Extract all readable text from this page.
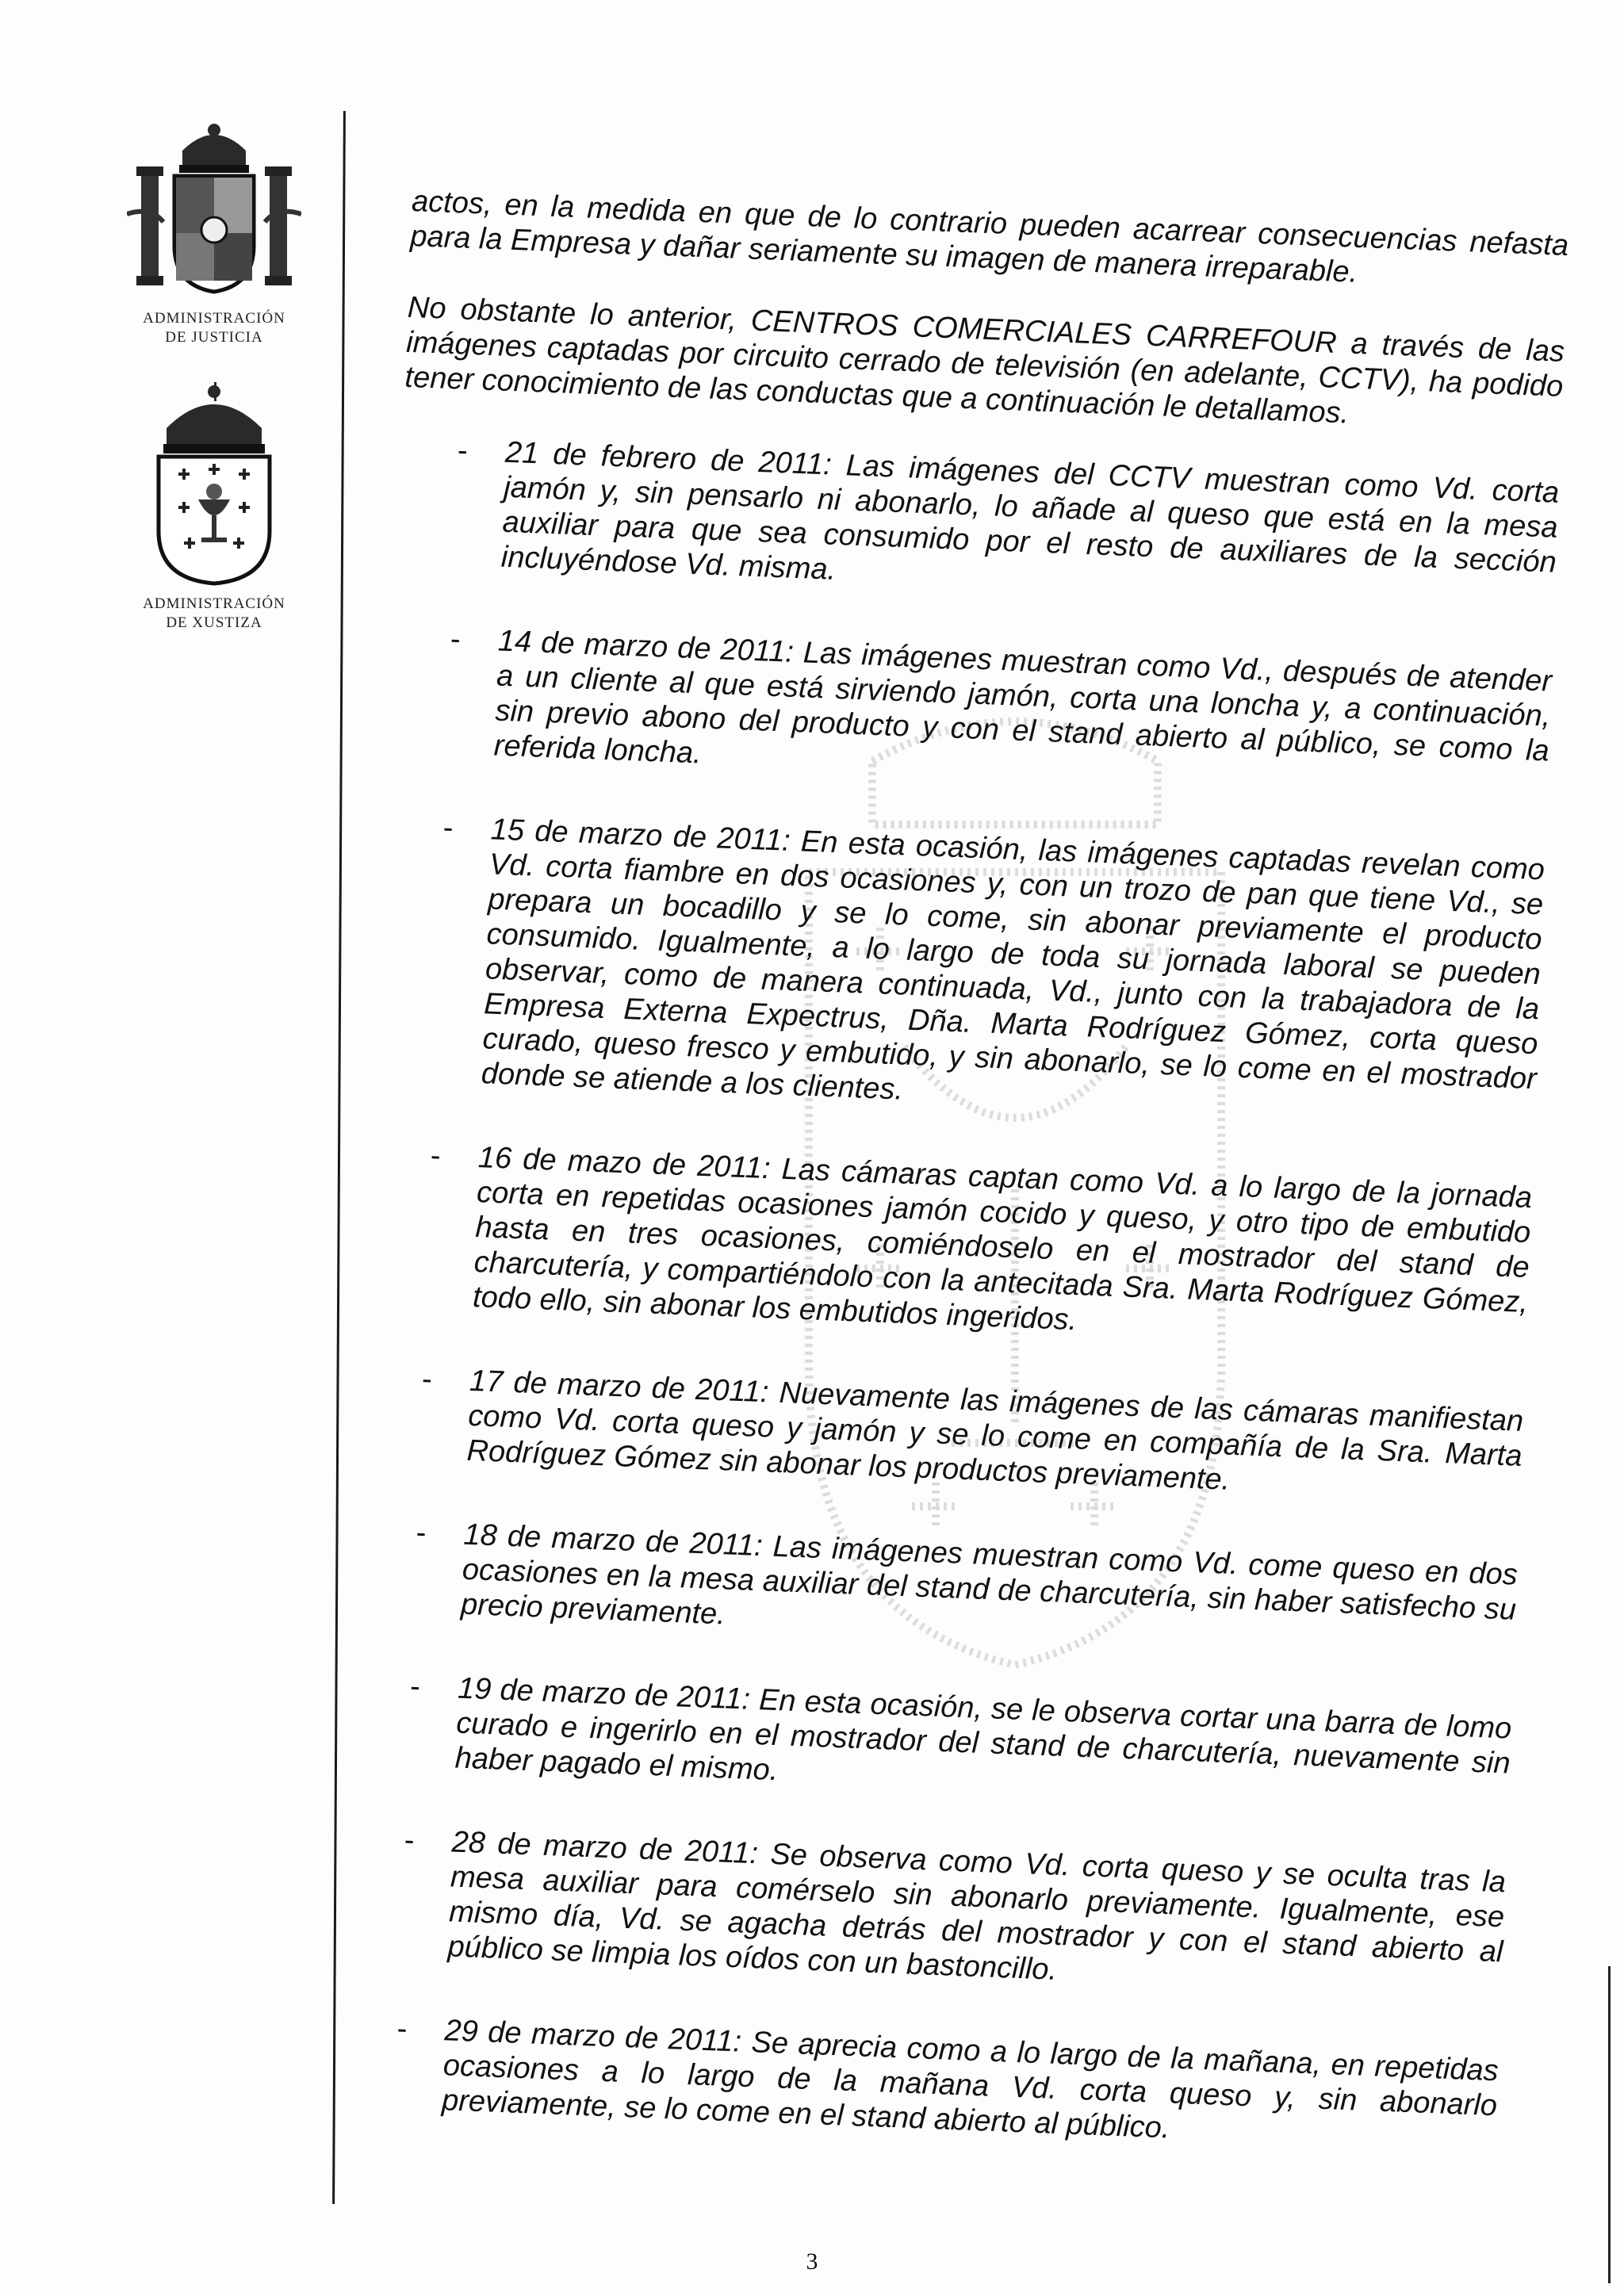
ADMINISTRACIÓN
DE JUSTICIA
ADMINISTRACIÓN
DE XUSTIZA

actos, en la medida en que de lo contrario pueden acarrear consecuencias nefasta para la Empresa y dañar seriamente su imagen de manera irreparable.

No obstante lo anterior, CENTROS COMERCIALES CARREFOUR a través de las imágenes captadas por circuito cerrado de televisión (en adelante, CCTV), ha podido tener conocimiento de las conductas que a continuación le detallamos.

- 21 de febrero de 2011: Las imágenes del CCTV muestran como Vd. corta jamón y, sin pensarlo ni abonarlo, lo añade al queso que está en la mesa auxiliar para que sea consumido por el resto de auxiliares de la sección incluyéndose Vd. misma.
- 14 de marzo de 2011: Las imágenes muestran como Vd., después de atender a un cliente al que está sirviendo jamón, corta una loncha y, a continuación, sin previo abono del producto y con el stand abierto al público, se como la referida loncha.
- 15 de marzo de 2011: En esta ocasión, las imágenes captadas revelan como Vd. corta fiambre en dos ocasiones y, con un trozo de pan que tiene Vd., se prepara un bocadillo y se lo come, sin abonar previamente el producto consumido. Igualmente, a lo largo de toda su jornada laboral se pueden observar, como de manera continuada, Vd., junto con la trabajadora de la Empresa Externa Expectrus, Dña. Marta Rodríguez Gómez, corta queso curado, queso fresco y embutido, y sin abonarlo, se lo come en el mostrador donde se atiende a los clientes.
- 16 de mazo de 2011: Las cámaras captan como Vd. a lo largo de la jornada corta en repetidas ocasiones jamón cocido y queso, y otro tipo de embutido hasta en tres ocasiones, comiéndoselo en el mostrador del stand de charcutería, y compartiéndolo con la antecitada Sra. Marta Rodríguez Gómez, todo ello, sin abonar los embutidos ingeridos.
- 17 de marzo de 2011: Nuevamente las imágenes de las cámaras manifiestan como Vd. corta queso y jamón y se lo come en compañía de la Sra. Marta Rodríguez Gómez sin abonar los productos previamente.
- 18 de marzo de 2011: Las imágenes muestran como Vd. come queso en dos ocasiones en la mesa auxiliar del stand de charcutería, sin haber satisfecho su precio previamente.
- 19 de marzo de 2011: En esta ocasión, se le observa cortar una barra de lomo curado e ingerirlo en el mostrador del stand de charcutería, nuevamente sin haber pagado el mismo.
- 28 de marzo de 2011: Se observa como Vd. corta queso y se oculta tras la mesa auxiliar para comérselo sin abonarlo previamente. Igualmente, ese mismo día, Vd. se agacha detrás del mostrador y con el stand abierto al público se limpia los oídos con un bastoncillo.
- 29 de marzo de 2011: Se aprecia como a lo largo de la mañana, en repetidas ocasiones a lo largo de la mañana Vd. corta queso y, sin abonarlo previamente, se lo come en el stand abierto al público.
3
